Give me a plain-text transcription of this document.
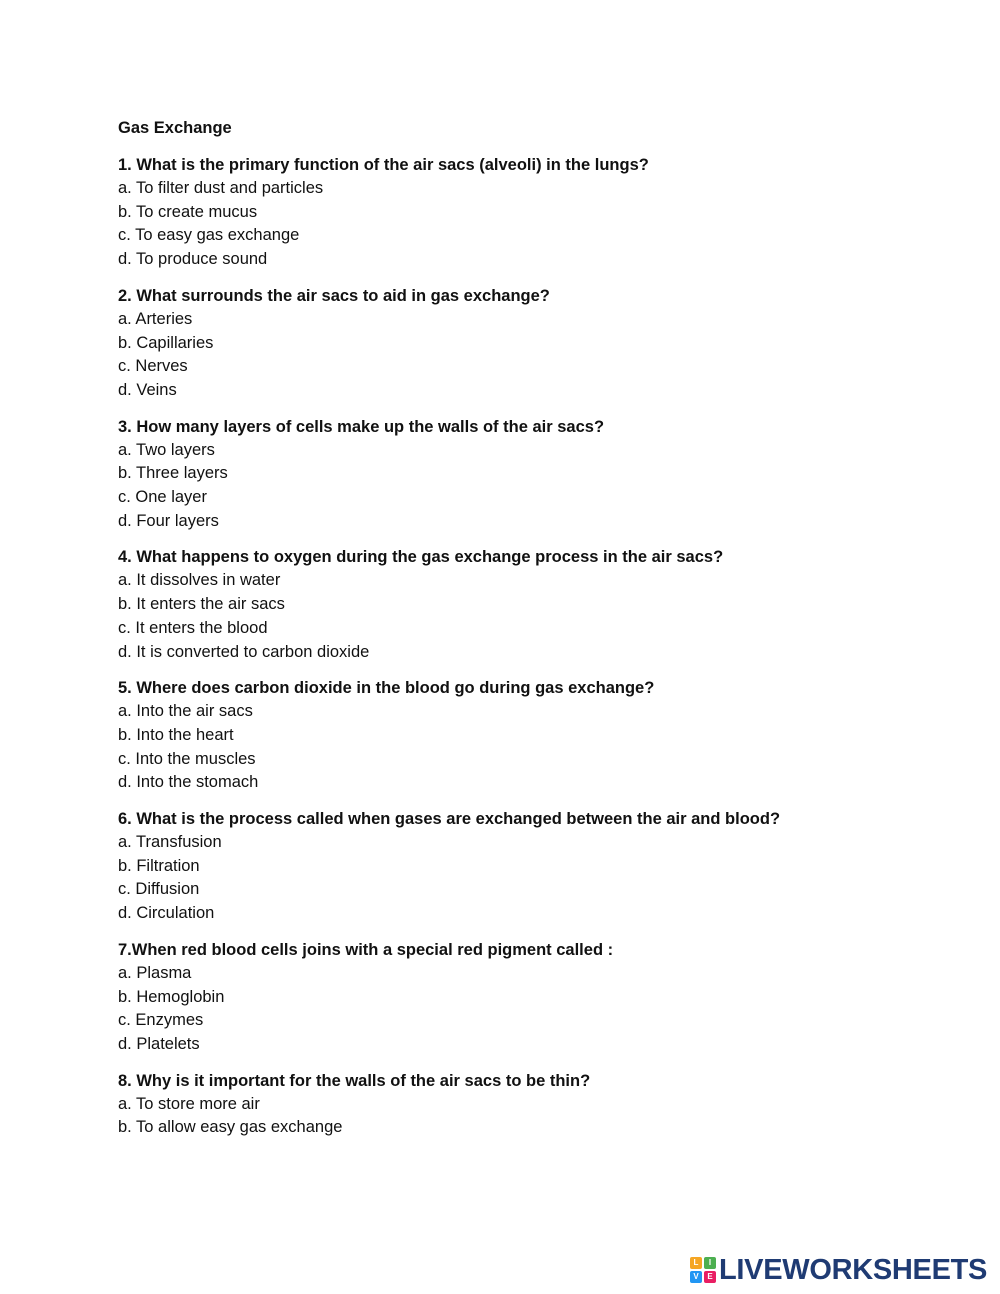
Gas Exchange
1. What is the primary function of the air sacs (alveoli) in the lungs?
a. To filter dust and particles
b. To create mucus
c. To easy gas exchange
d. To produce sound
2. What surrounds the air sacs to aid in gas exchange?
a. Arteries
b. Capillaries
c. Nerves
d. Veins
3. How many layers of cells make up the walls of the air sacs?
a. Two layers
b. Three layers
c. One layer
d. Four layers
4. What happens to oxygen during the gas exchange process in the air sacs?
a. It dissolves in water
b. It enters the air sacs
c. It enters the blood
d. It is converted to carbon dioxide
5. Where does carbon dioxide in the blood go during gas exchange?
a. Into the air sacs
b. Into the heart
c. Into the muscles
d. Into the stomach
6. What is the process called when gases are exchanged between the air and blood?
a. Transfusion
b. Filtration
c. Diffusion
d. Circulation
7.When red blood cells joins with a special red pigment called :
a. Plasma
b. Hemoglobin
c. Enzymes
d. Platelets
8. Why is it important for the walls of the air sacs to be thin?
a. To store more air
b. To allow easy gas exchange
L	I
V	E LIVEWORKSHEETS
